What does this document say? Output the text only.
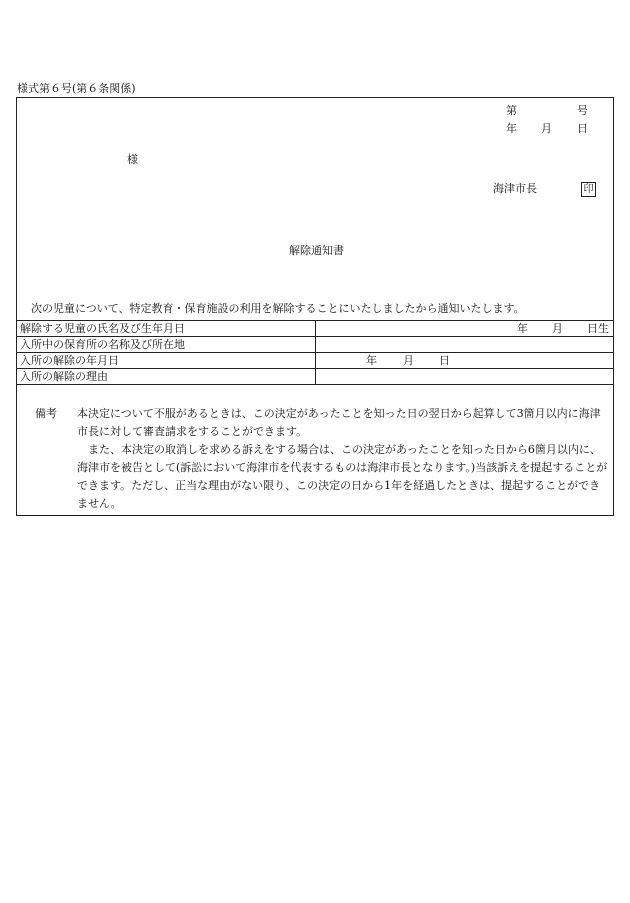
様式第６号(第６条関係)
第	号
年 月 日
様
海津市長	印
解除通知書
次の児童について、特定教育・保育施設の利用を解除することにいたしましたから通知いたします。
解除する児童の氏名及び生年月日	年 月 日生

入所中の保育所の名称及び所在地	
入所の解除の年月日	年 月 日

入所の解除の理由	
備考	本決定について不服があるときは、この決定があったことを知った日の翌日から起算して3箇月以内に海津市長に対して審査請求をすることができます。

また、本決定の取消しを求める訴えをする場合は、この決定があったことを知った日から6箇月以内に、海津市を被告として(訴訟において海津市を代表するものは海津市長となります。)当該訴えを提起することができます。ただし、正当な理由がない限り、この決定の日から1年を経過したときは、提起することができません。
